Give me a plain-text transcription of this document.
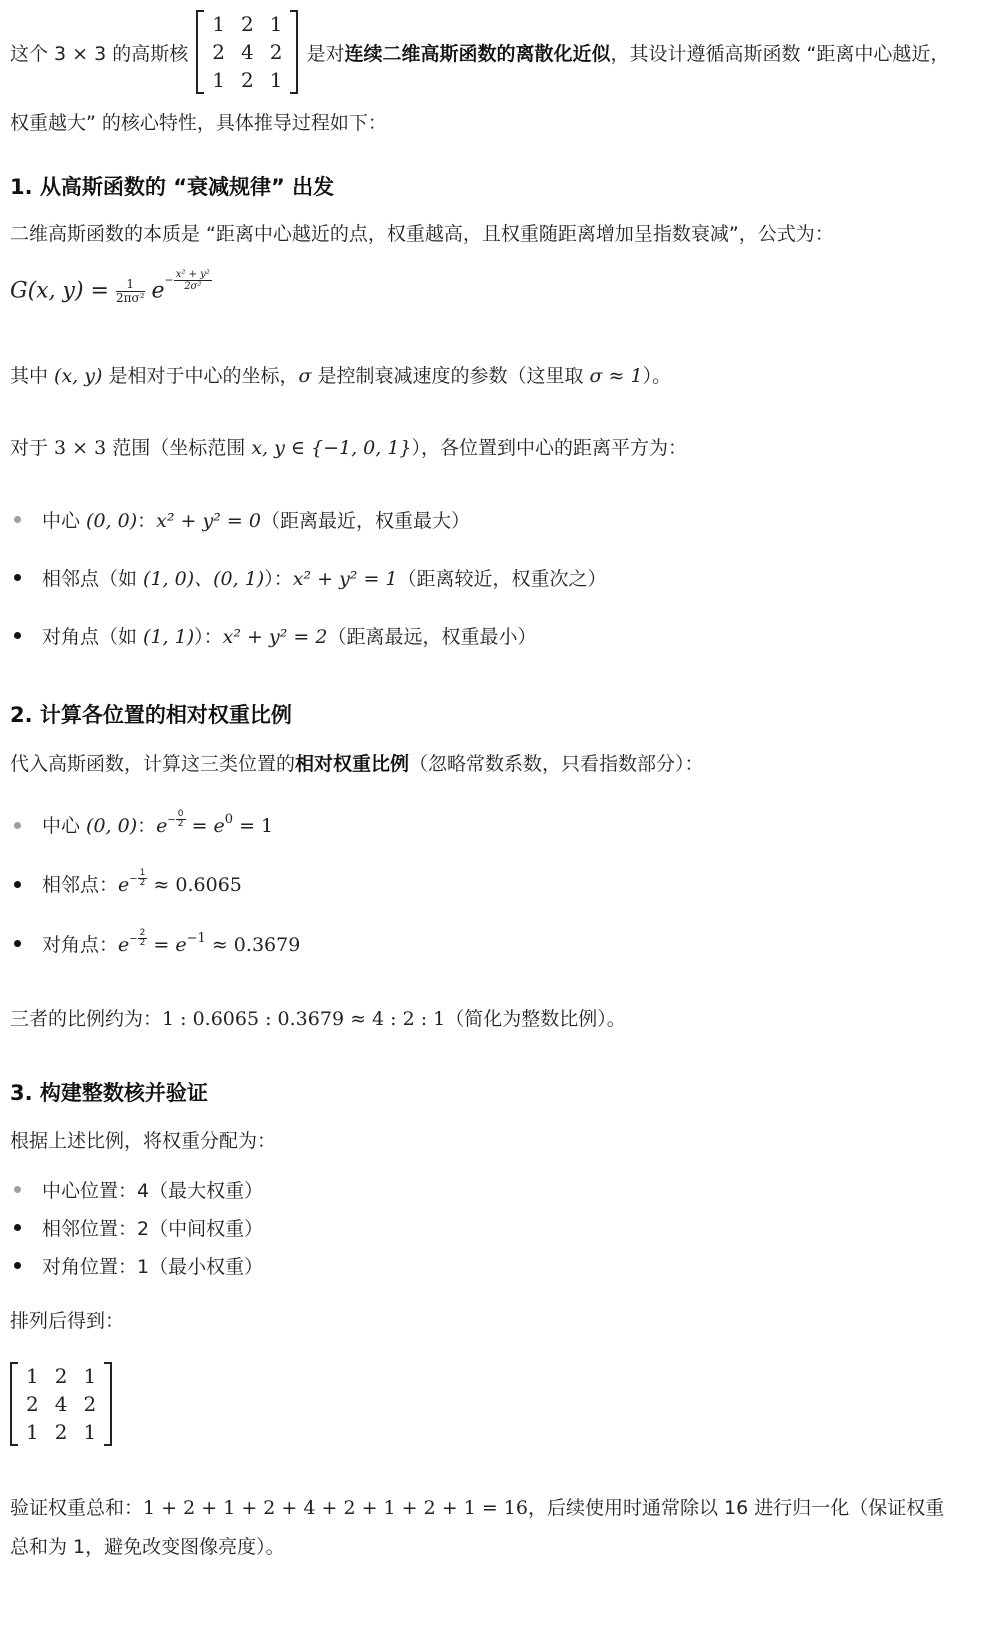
这个 3 × 3 的高斯核
1	2	1
2	4	2
1	2	1
是对 连续二维高斯函数的离散化近似 ，其设计遵循高斯函数 “距离中心越近，
权重越大” 的核心特性，具体推导过程如下：
1. 从高斯函数的 “衰减规律” 出发
二维高斯函数的本质是 “距离中心越近的点，权重越高，且权重随距离增加呈指数衰减”，公式为：
G(x, $y) = \frac{1}{\text{2πσ²}} e- \frac{\text{x² + y²}}{\text{2σ²}}$
其中 (x, y) 是相对于中心的坐标，σ 是控制衰减速度的参数（这里取 σ ≈ 1）。
对于 3 × 3 范围（坐标范围 x, y ∈ {−1, 0, 1}），各位置到中心的距离平方为：
中心 (0, 0)：x² + y² = 0（距离最近，权重最大）
相邻点（如 (1, 0)、(0, 1)）：x² + y² = 1（距离较近，权重次之）
对角点（如 (1, 1)）：x² + y² = 2（距离最远，权重最小）
2. 计算各位置的相对权重比例
代入高斯函数，计算这三类位置的相对权重比例（忽略常数系数，只看指数部分）：
中心 (0, 0)：$e- \frac{0}{2} = e^0 = 1$
相邻点：$e- \frac{1}{2} \approx 0.6065$
对角点：$e- \frac{2}{2} = e^{-1} \approx 0.3679$
三者的比例约为：1 : 0.6065 : 0.3679 ≈ 4 : 2 : 1（简化为整数比例）。
3. 构建整数核并验证
根据上述比例，将权重分配为：
中心位置：4（最大权重）
相邻位置：2（中间权重）
对角位置：1（最小权重）
排列后得到：
1	2	1
2	4	2
1	2	1
验证权重总和：1 + 2 + 1 + 2 + 4 + 2 + 1 + 2 + 1 = 16，后续使用时通常除以 16 进行归一化（保证权重
总和为 1，避免改变图像亮度）。
